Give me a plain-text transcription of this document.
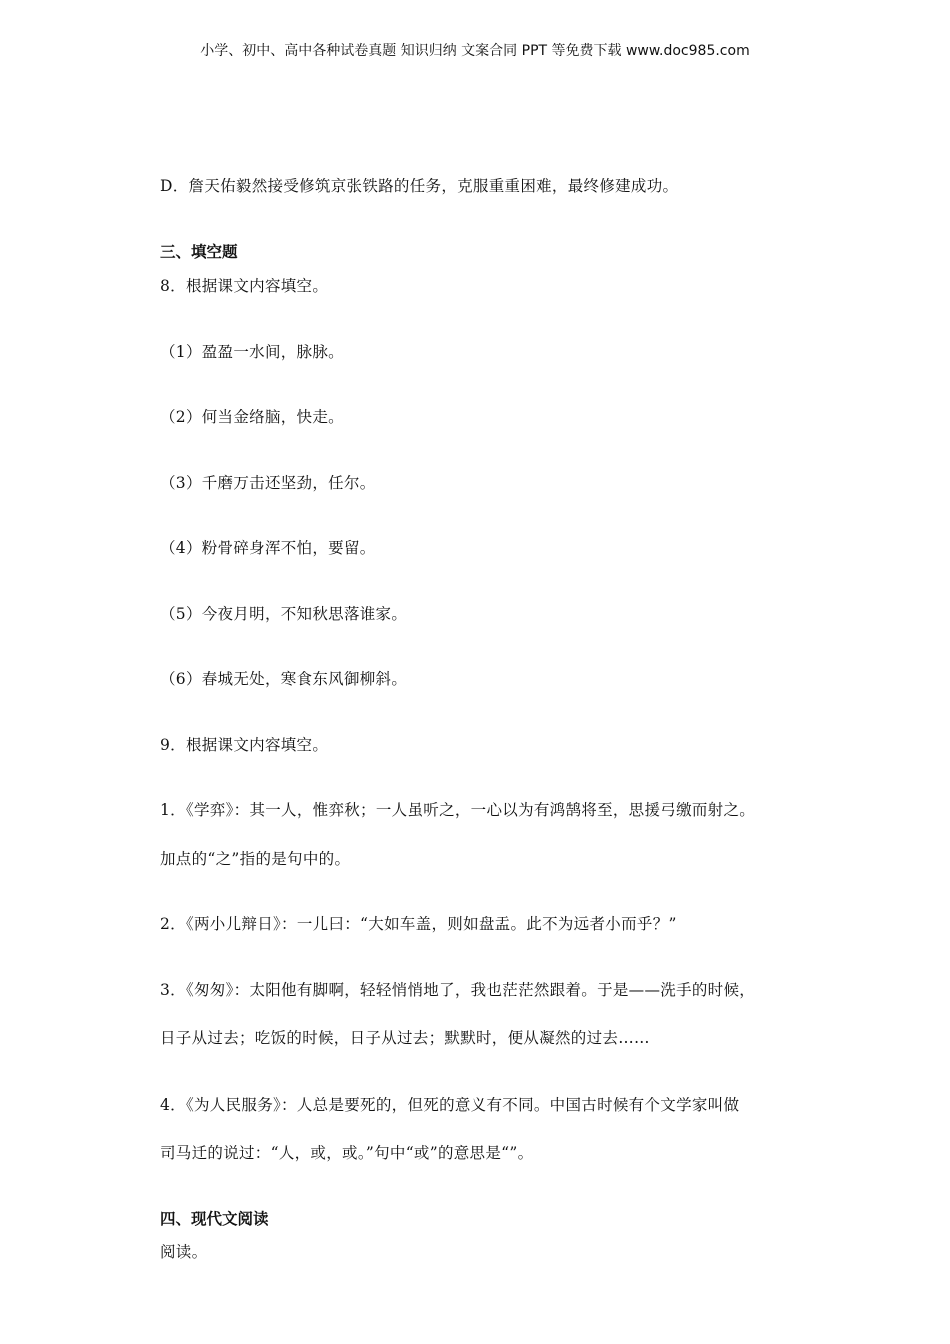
小学、初中、高中各种试卷真题 知识归纳 文案合同 PPT 等免费下载 www.doc985.com
D．詹天佑毅然接受修筑京张铁路的任务，克服重重困难，最终修建成功。
三、填空题
8．根据课文内容填空。
（1）盈盈一水间，脉脉。
（2）何当金络脑，快走。
（3）千磨万击还坚劲，任尔。
（4）粉骨碎身浑不怕，要留。
（5）今夜月明，不知秋思落谁家。
（6）春城无处，寒食东风御柳斜。
9．根据课文内容填空。
1．《学弈》：其一人，惟弈秋；一人虽听之，一心以为有鸿鹄将至，思援弓缴而射之。
加点的“之”指的是句中的。
2．《两小儿辩日》：一儿曰：“大如车盖，则如盘盂。此不为远者小而乎？”
3．《匆匆》：太阳他有脚啊，轻轻悄悄地了，我也茫茫然跟着。于是——洗手的时候，
日子从过去；吃饭的时候，日子从过去；默默时，便从凝然的过去……
4．《为人民服务》：人总是要死的，但死的意义有不同。中国古时候有个文学家叫做
司马迁的说过：“人，或，或。”句中“或”的意思是“”。
四、现代文阅读
阅读。
